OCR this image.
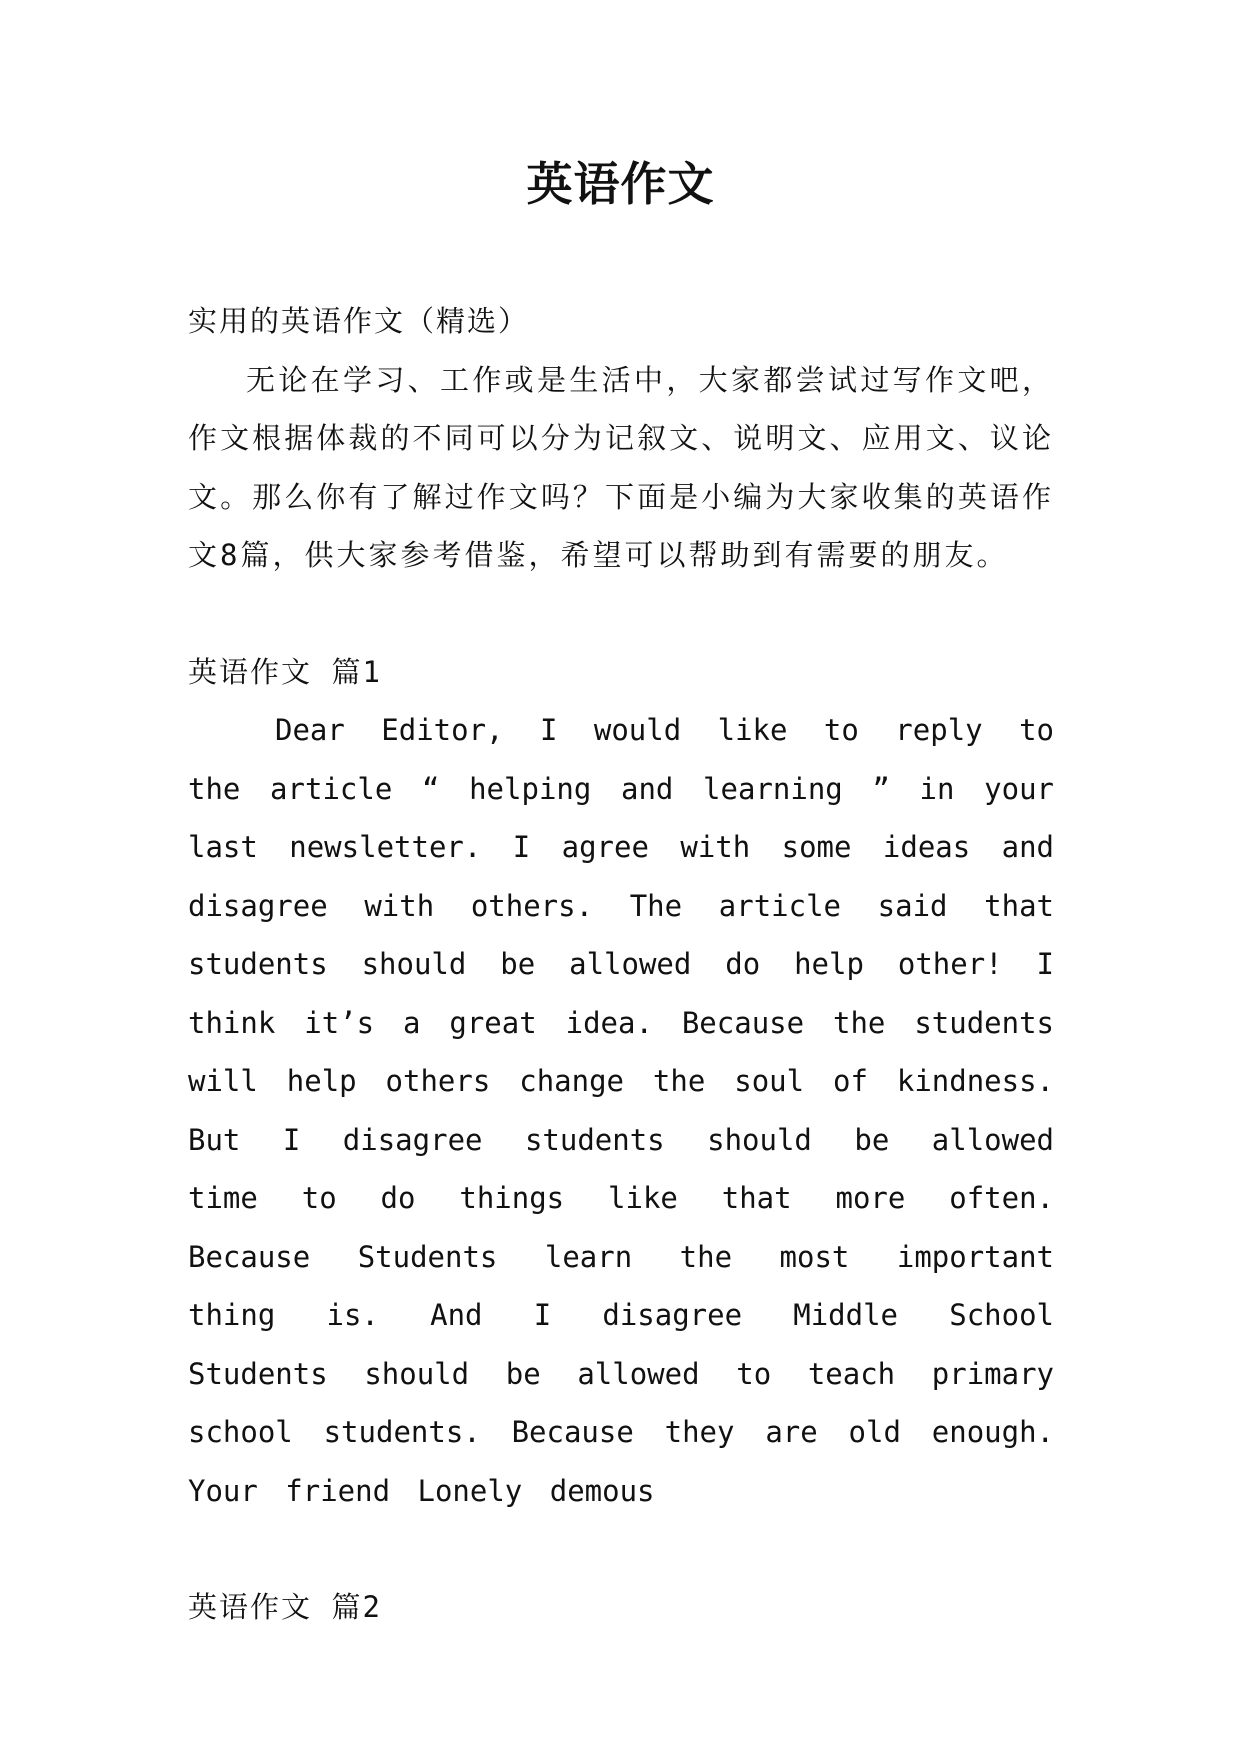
英语作文

实用的英语作文（精选）

无论在学习、工作或是生活中，大家都尝试过写作文吧，作文根据体裁的不同可以分为记叙文、说明文、应用文、议论文。那么你有了解过作文吗？下面是小编为大家收集的英语作文8篇，供大家参考借鉴，希望可以帮助到有需要的朋友。

英语作文 篇1

Dear Editor, I would like to reply to the article “ helping and learning ” in your last newsletter. I agree with some ideas and disagree with others. The article said that students should be allowed do help other! I think it’s a great idea. Because the students will help others change the soul of kindness. But I disagree students should be allowed time to do things like that more often. Because Students learn the most important thing is. And I disagree Middle School Students should be allowed to teach primary school students. Because they are old enough. Your friend Lonely demous

英语作文 篇2
